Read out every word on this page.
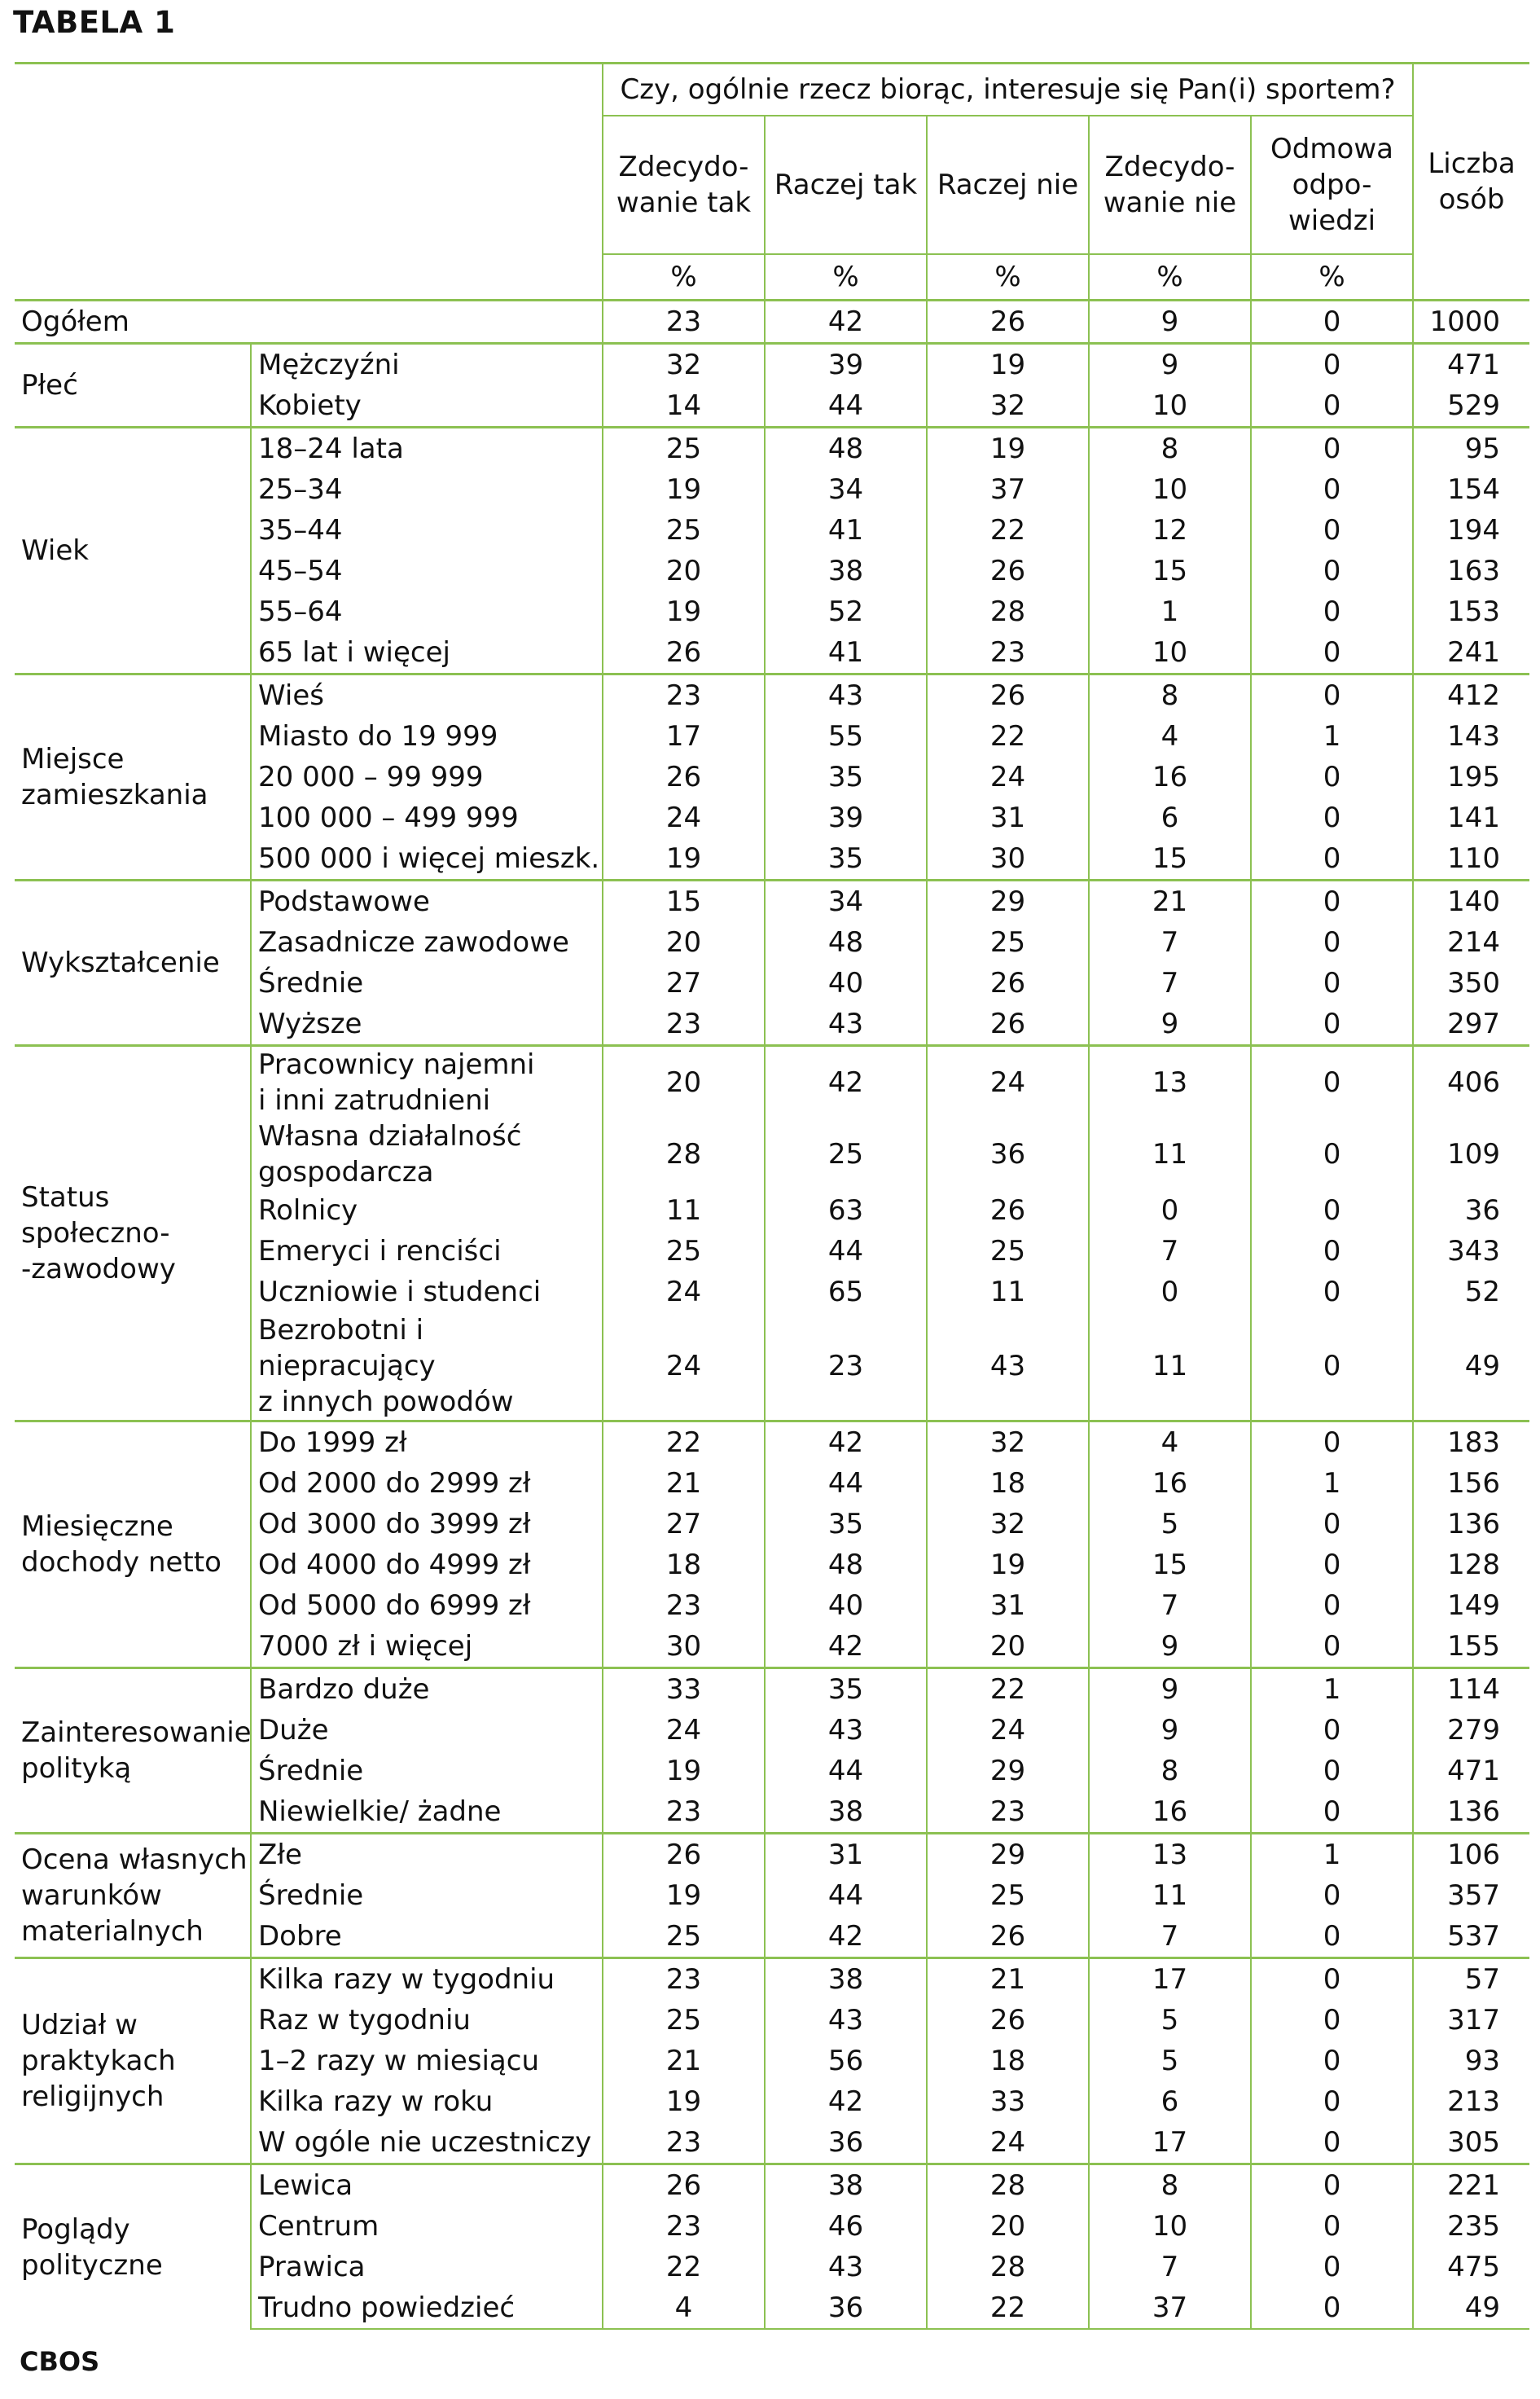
TABELA 1
		Czy, ogólnie rzecz biorąc, interesuje się Pan(i) sportem?					Liczba
osób
		Zdecydo-
wanie tak	Raczej tak	Raczej nie	Zdecydo-
wanie nie	Odmowa
odpo-
wiedzi	
		%	%	%	%	%	
Ogółem		23	42	26	9	0	1000
Płeć	Mężczyźni	32	39	19	9	0	471
	Kobiety	14	44	32	10	0	529
Wiek	18–24 lata	25	48	19	8	0	95
	25–34	19	34	37	10	0	154
	35–44	25	41	22	12	0	194
	45–54	20	38	26	15	0	163
	55–64	19	52	28	1	0	153
	65 lat i więcej	26	41	23	10	0	241
Miejsce
zamieszkania	Wieś	23	43	26	8	0	412
	Miasto do 19 999	17	55	22	4	1	143
	20 000 – 99 999	26	35	24	16	0	195
	100 000 – 499 999	24	39	31	6	0	141
	500 000 i więcej mieszk.	19	35	30	15	0	110
Wykształcenie	Podstawowe	15	34	29	21	0	140
	Zasadnicze zawodowe	20	48	25	7	0	214
	Średnie	27	40	26	7	0	350
	Wyższe	23	43	26	9	0	297
Status
społeczno-
-zawodowy	Pracownicy najemni
i inni zatrudnieni	20	42	24	13	0	406
	Własna działalność
gospodarcza	28	25	36	11	0	109
	Rolnicy	11	63	26	0	0	36
	Emeryci i renciści	25	44	25	7	0	343
	Uczniowie i studenci	24	65	11	0	0	52
	Bezrobotni i niepracujący
z innych powodów	24	23	43	11	0	49
Miesięczne
dochody netto	Do 1999 zł	22	42	32	4	0	183
	Od 2000 do 2999 zł	21	44	18	16	1	156
	Od 3000 do 3999 zł	27	35	32	5	0	136
	Od 4000 do 4999 zł	18	48	19	15	0	128
	Od 5000 do 6999 zł	23	40	31	7	0	149
	7000 zł i więcej	30	42	20	9	0	155
Zainteresowanie
polityką	Bardzo duże	33	35	22	9	1	114
	Duże	24	43	24	9	0	279
	Średnie	19	44	29	8	0	471
	Niewielkie/ żadne	23	38	23	16	0	136
Ocena własnych
warunków
materialnych	Złe	26	31	29	13	1	106
	Średnie	19	44	25	11	0	357
	Dobre	25	42	26	7	0	537
Udział w
praktykach
religijnych	Kilka razy w tygodniu	23	38	21	17	0	57
	Raz w tygodniu	25	43	26	5	0	317
	1–2 razy w miesiącu	21	56	18	5	0	93
	Kilka razy w roku	19	42	33	6	0	213
	W ogóle nie uczestniczy	23	36	24	17	0	305
Poglądy
polityczne	Lewica	26	38	28	8	0	221
	Centrum	23	46	20	10	0	235
	Prawica	22	43	28	7	0	475
	Trudno powiedzieć	4	36	22	37	0	49
CBOS
